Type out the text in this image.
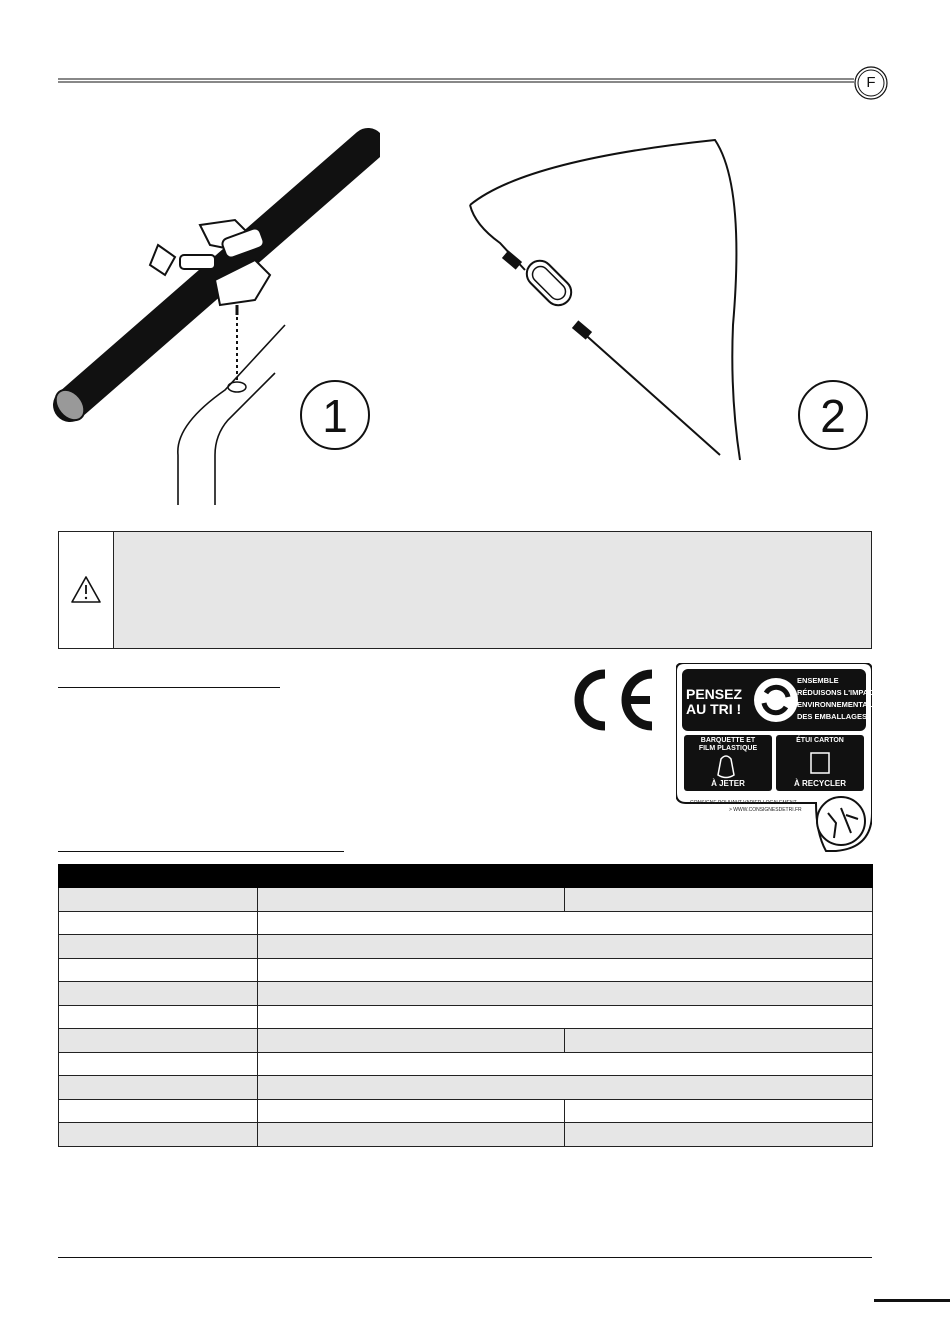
F
1	2
PENSEZ
AU TRI !
ENSEMBLE
RÉDUISONS L'IMPACT
ENVIRONNEMENTAL
DES EMBALLAGES
BARQUETTE ET
FILM PLASTIQUE
À JETER
ÉTUI CARTON
À RECYCLER
CONSIGNE POUVANT VARIER LOCALEMENT
> WWW.CONSIGNESDETRI.FR
